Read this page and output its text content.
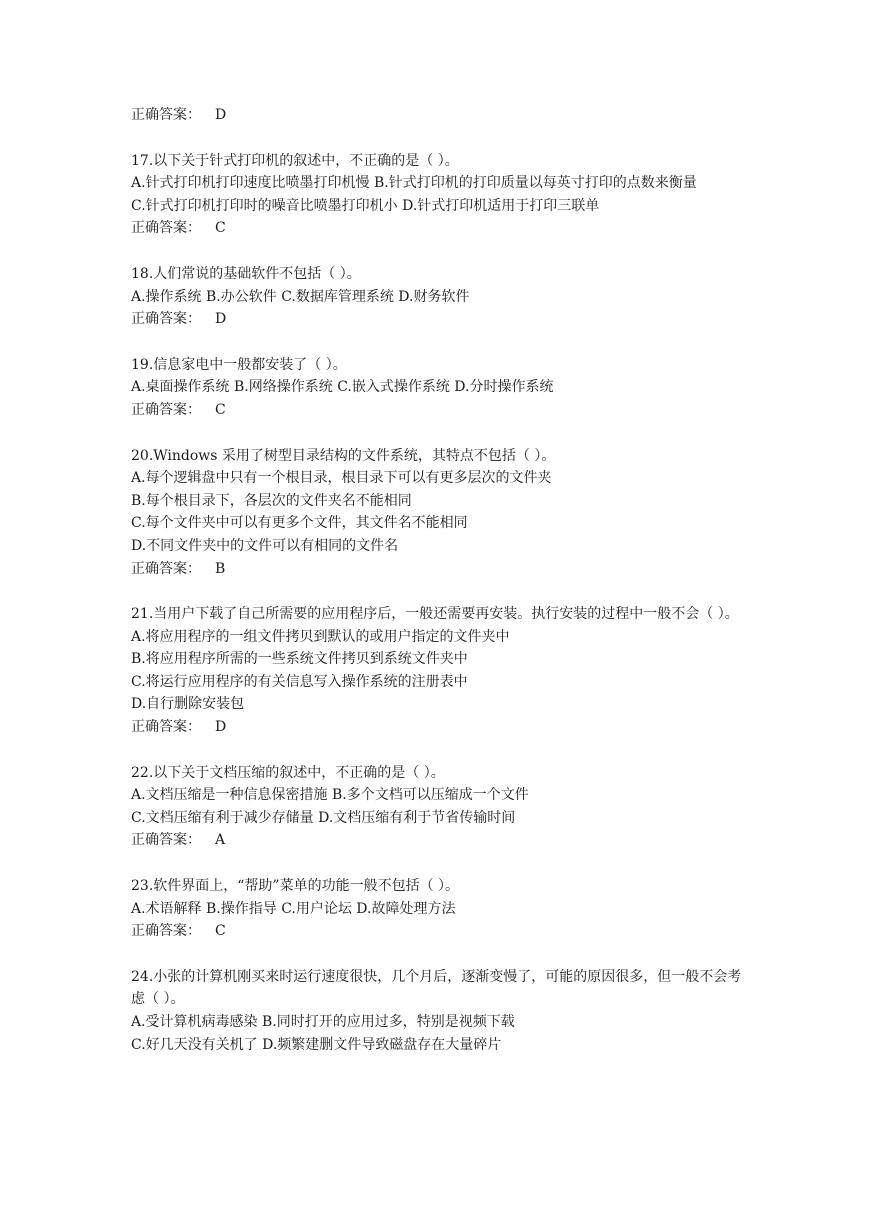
正确答案： D
17.以下关于针式打印机的叙述中，不正确的是（ ）。
A.针式打印机打印速度比喷墨打印机慢 B.针式打印机的打印质量以每英寸打印的点数来衡量
C.针式打印机打印时的噪音比喷墨打印机小 D.针式打印机适用于打印三联单
正确答案： C
18.人们常说的基础软件不包括（ ）。
A.操作系统 B.办公软件 C.数据库管理系统 D.财务软件
正确答案： D
19.信息家电中一般都安装了（ ）。
A.桌面操作系统 B.网络操作系统 C.嵌入式操作系统 D.分时操作系统
正确答案： C
20.Windows 采用了树型目录结构的文件系统，其特点不包括（ ）。
A.每个逻辑盘中只有一个根目录，根目录下可以有更多层次的文件夹
B.每个根目录下，各层次的文件夹名不能相同
C.每个文件夹中可以有更多个文件，其文件名不能相同
D.不同文件夹中的文件可以有相同的文件名
正确答案： B
21.当用户下载了自己所需要的应用程序后，一般还需要再安装。执行安装的过程中一般不会（ ）。
A.将应用程序的一组文件拷贝到默认的或用户指定的文件夹中
B.将应用程序所需的一些系统文件拷贝到系统文件夹中
C.将运行应用程序的有关信息写入操作系统的注册表中
D.自行删除安装包
正确答案： D
22.以下关于文档压缩的叙述中，不正确的是（ ）。
A.文档压缩是一种信息保密措施 B.多个文档可以压缩成一个文件
C.文档压缩有利于减少存储量 D.文档压缩有利于节省传输时间
正确答案： A
23.软件界面上，“帮助”菜单的功能一般不包括（ ）。
A.术语解释 B.操作指导 C.用户论坛 D.故障处理方法
正确答案： C
24.小张的计算机刚买来时运行速度很快，几个月后，逐渐变慢了，可能的原因很多，但一般不会考虑（ ）。
A.受计算机病毒感染 B.同时打开的应用过多，特别是视频下载
C.好几天没有关机了 D.频繁建删文件导致磁盘存在大量碎片
